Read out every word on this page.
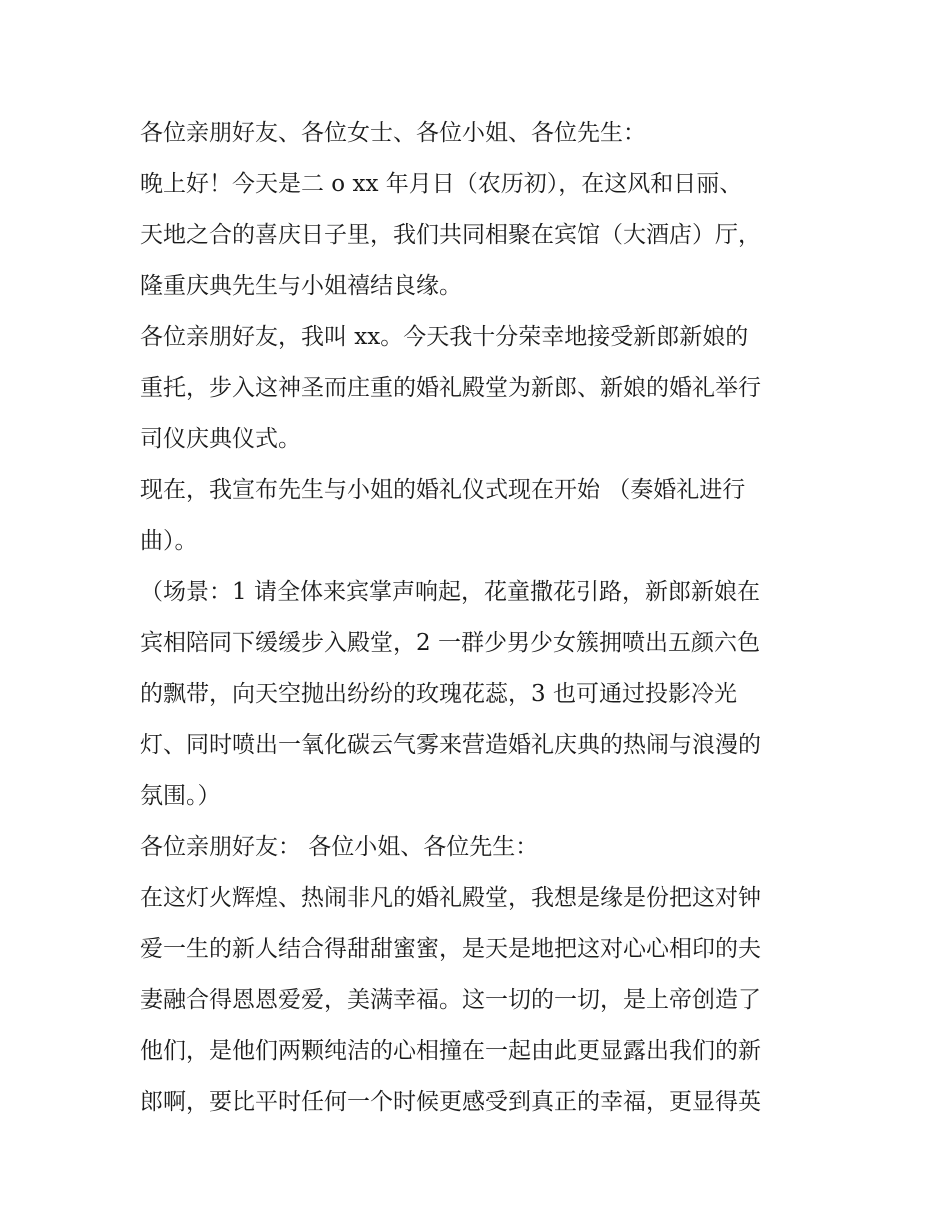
各位亲朋好友、各位女士、各位小姐、各位先生：
晚上好！今天是二 o xx 年月日（农历初），在这风和日丽、
天地之合的喜庆日子里，我们共同相聚在宾馆（大酒店）厅，
隆重庆典先生与小姐禧结良缘。
各位亲朋好友，我叫 xx。今天我十分荣幸地接受新郎新娘的
重托，步入这神圣而庄重的婚礼殿堂为新郎、新娘的婚礼举行
司仪庆典仪式。
现在，我宣布先生与小姐的婚礼仪式现在开始 （奏婚礼进行
曲）。
（场景：1 请全体来宾掌声响起，花童撒花引路，新郎新娘在
宾相陪同下缓缓步入殿堂，2 一群少男少女簇拥喷出五颜六色
的飘带，向天空抛出纷纷的玫瑰花蕊，3 也可通过投影冷光
灯、同时喷出一氧化碳云气雾来营造婚礼庆典的热闹与浪漫的
氛围。）
各位亲朋好友： 各位小姐、各位先生：
在这灯火辉煌、热闹非凡的婚礼殿堂，我想是缘是份把这对钟
爱一生的新人结合得甜甜蜜蜜，是天是地把这对心心相印的夫
妻融合得恩恩爱爱，美满幸福。这一切的一切，是上帝创造了
他们，是他们两颗纯洁的心相撞在一起由此更显露出我们的新
郎啊，要比平时任何一个时候更感受到真正的幸福，更显得英
